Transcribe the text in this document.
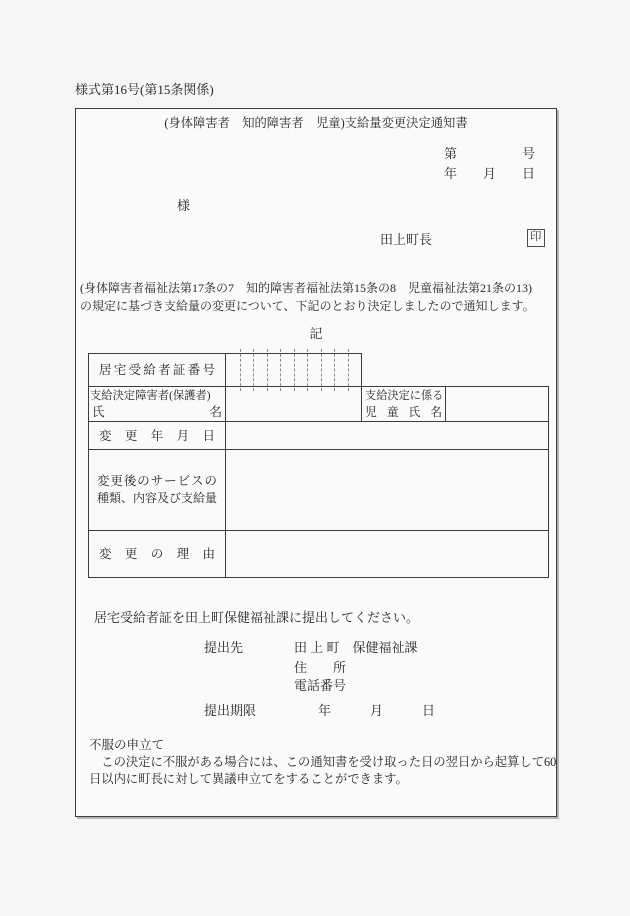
様式第16号(第15条関係)
(身体障害者　知的障害者　児童)支給量変更決定通知書
第　　　　　号
年　　月　　日
様
田上町長	印
(身体障害者福祉法第17条の7　知的障害者福祉法第15条の8　児童福祉法第21条の13)
の規定に基づき支給量の変更について、下記のとおり決定しましたので通知します。
記
居宅受給者証番号
支給決定障害者(保護者)
氏	名
支給決定に係る
児童氏名
変更年月日
変更後のサービスの
種類、内容及び支給量
変更の理由
居宅受給者証を田上町保健福祉課に提出してください。
提出先	田 上 町　保健福祉課
住　　所
電話番号
提出期限	年　　　月　　　日
不服の申立て
　この決定に不服がある場合には、この通知書を受け取った日の翌日から起算して60
日以内に町長に対して異議申立てをすることができます。
